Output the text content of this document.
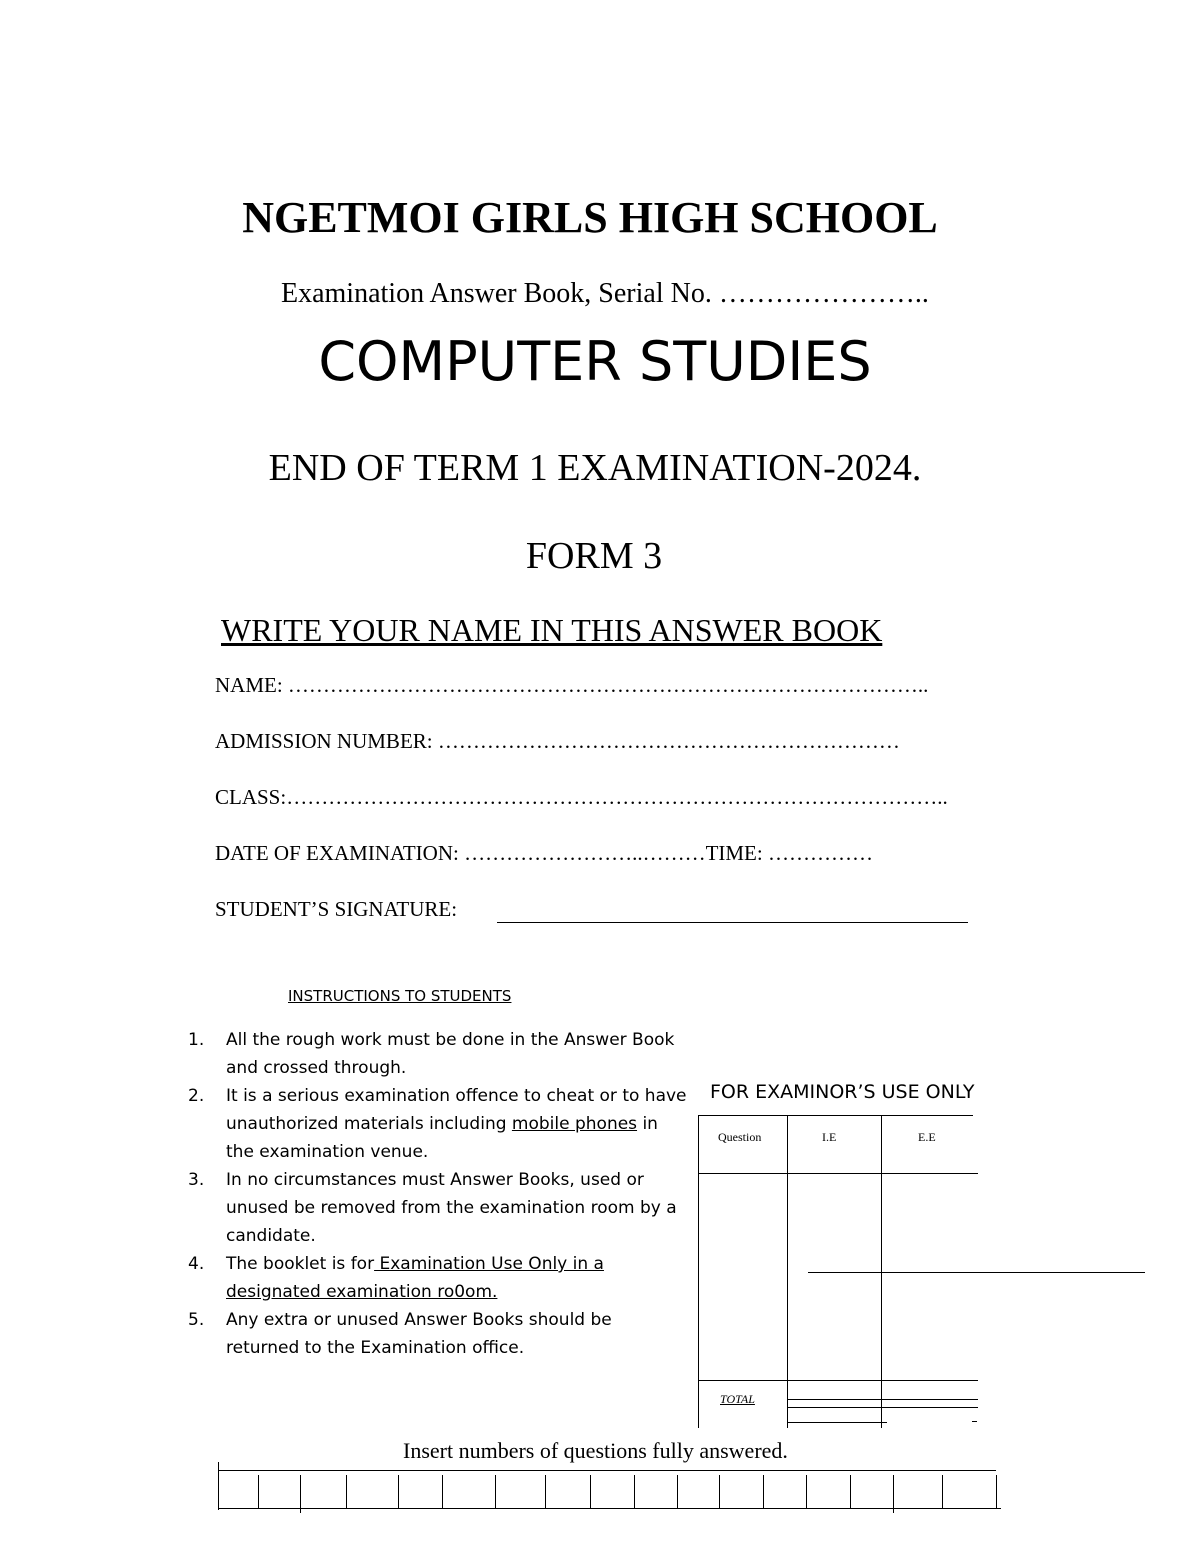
NGETMOI GIRLS HIGH SCHOOL
Examination Answer Book, Serial No. …………………..
COMPUTER STUDIES
END OF TERM 1 EXAMINATION-2024.
FORM 3
WRITE YOUR NAME IN THIS ANSWER BOOK
NAME: ………………………………………………………………………………..
ADMISSION NUMBER: …………………………………………………………
CLASS:…………………………………………………………………………………..
DATE OF EXAMINATION: ……………………..………TIME: ……………
STUDENT’S SIGNATURE:
INSTRUCTIONS TO STUDENTS
1. All the rough work must be done in the Answer Book and crossed through.
2. It is a serious examination offence to cheat or to have unauthorized materials including mobile phones in the examination venue.
3. In no circumstances must Answer Books, used or unused be removed from the examination room by a candidate.
4. The booklet is for Examination Use Only in a designated examination ro0om.
5. Any extra or unused Answer Books should be returned to the Examination office.
FOR EXAMINOR’S USE ONLY
Question	I.E	E.E
TOTAL
Insert numbers of questions fully answered.
